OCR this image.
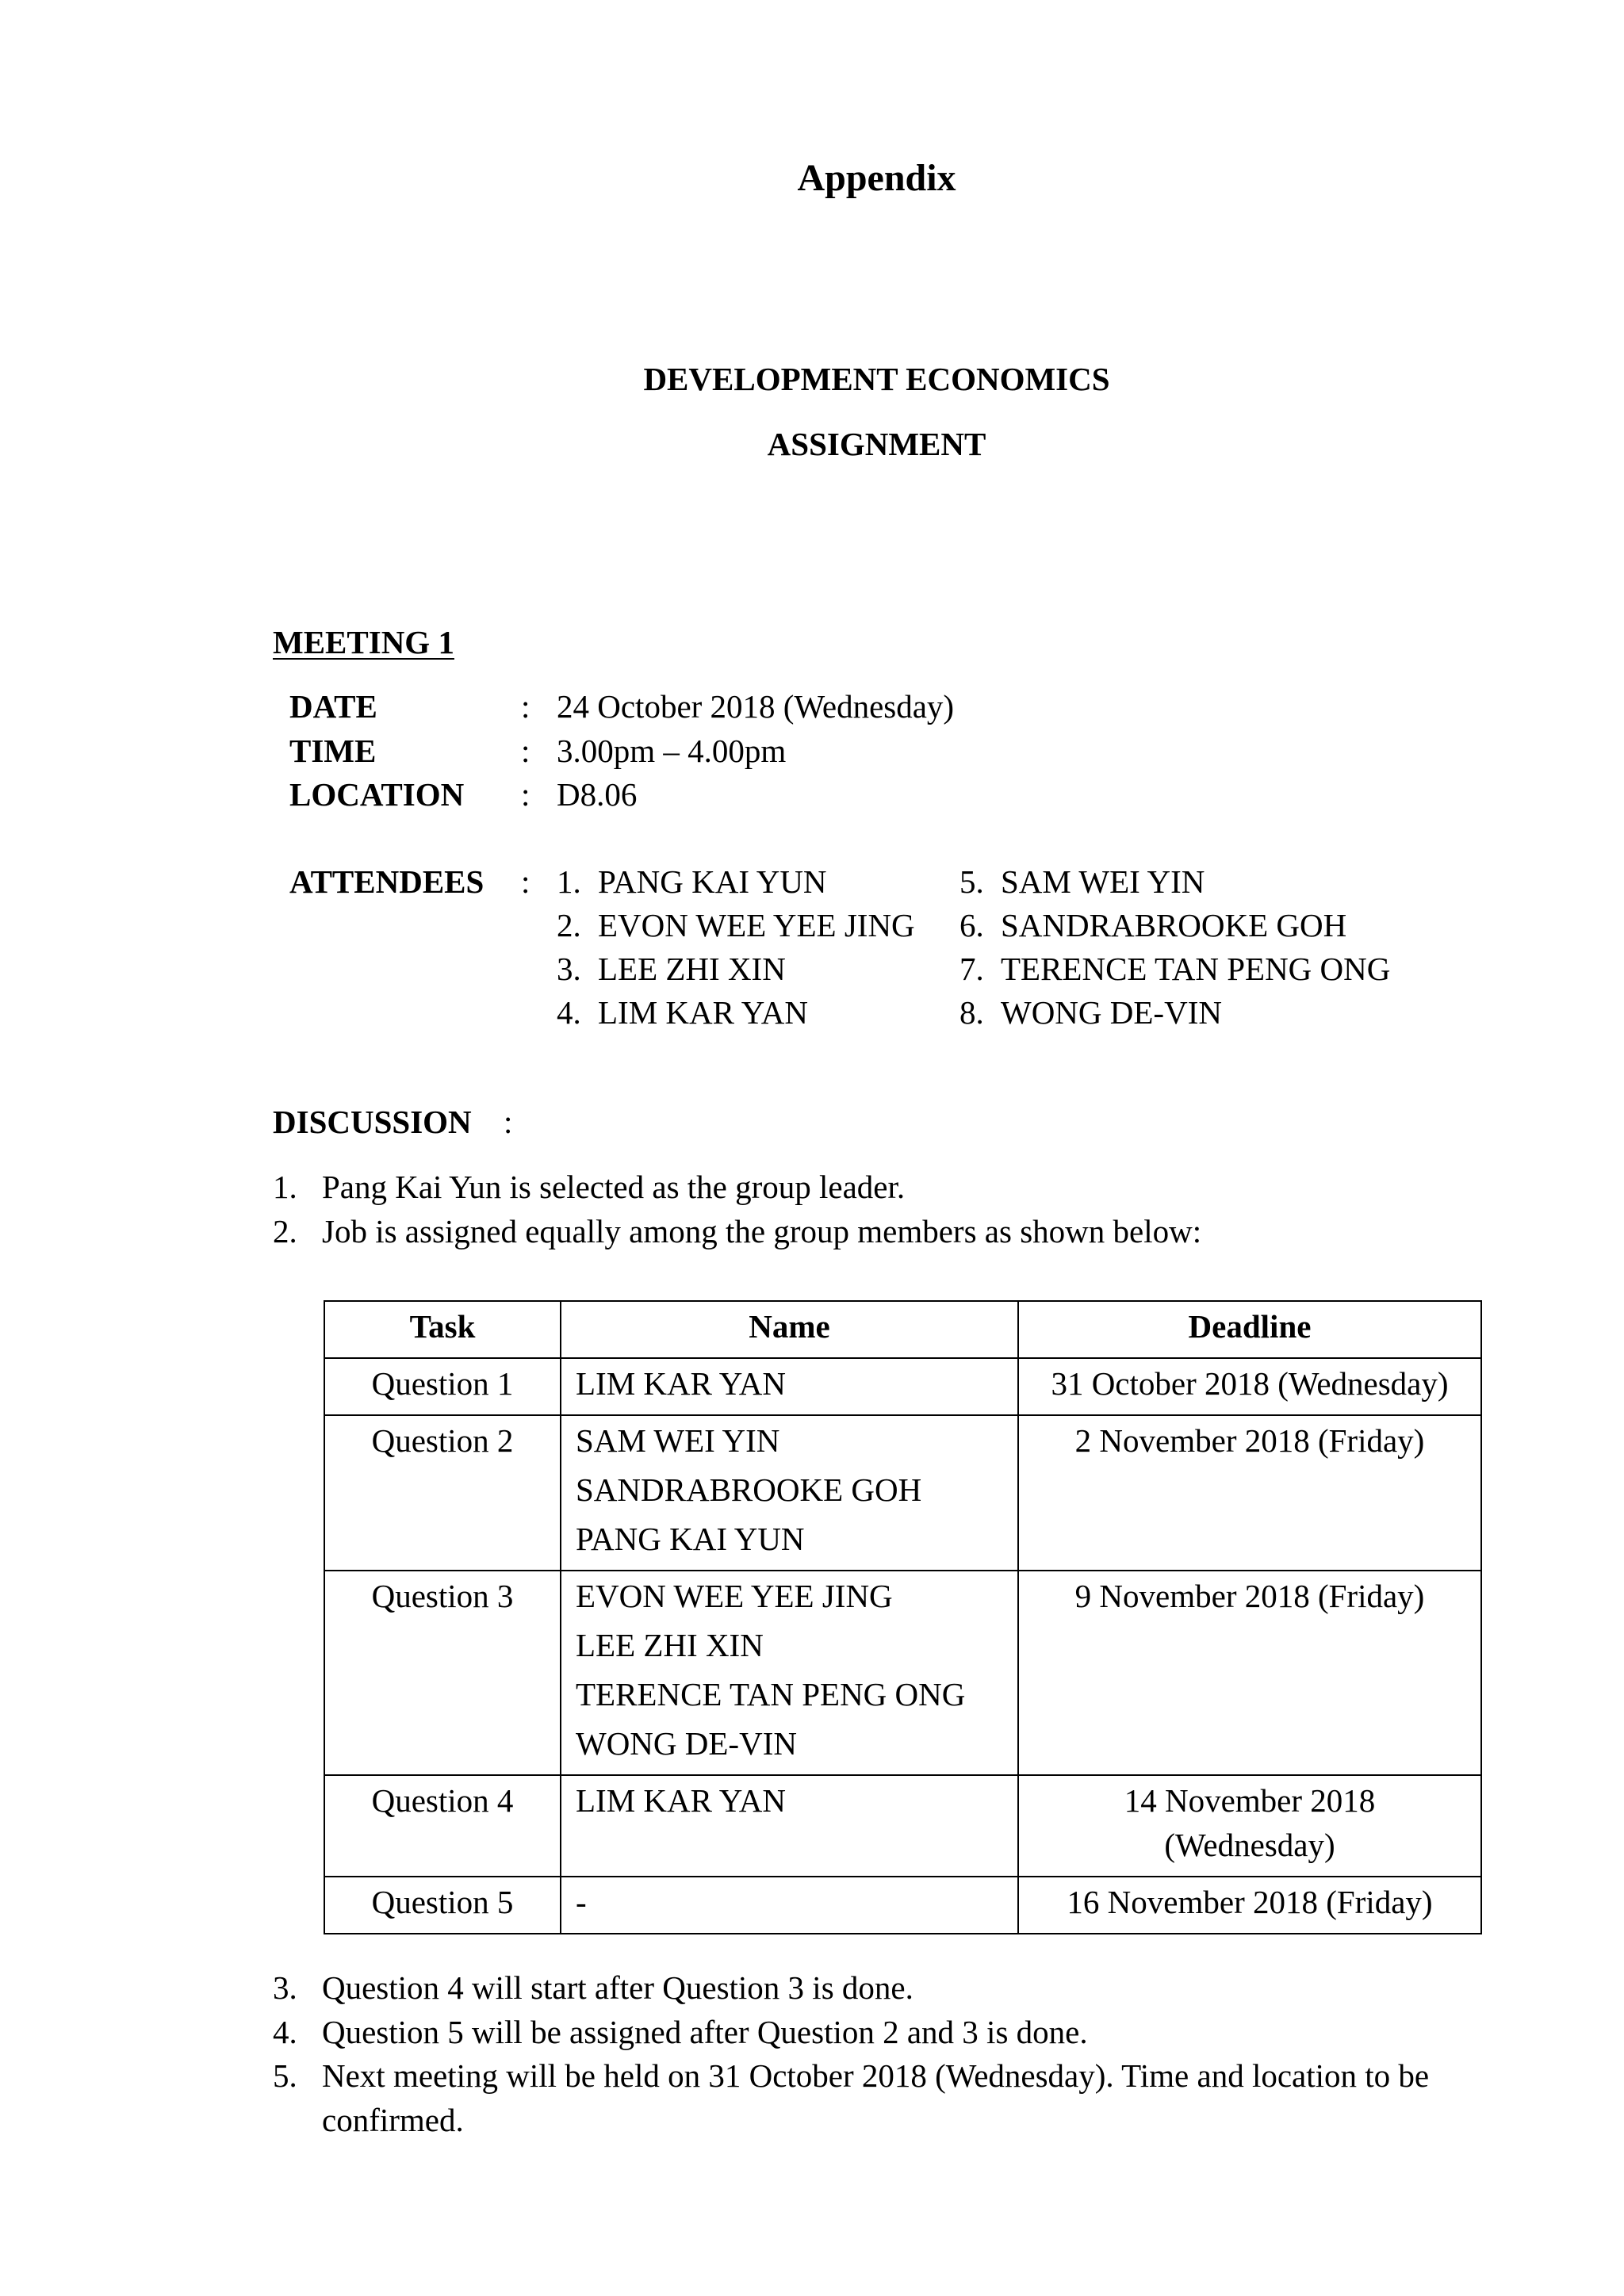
Appendix
DEVELOPMENT ECONOMICS
ASSIGNMENT
MEETING 1
DATE	: 24 October 2018 (Wednesday)
TIME	: 3.00pm – 4.00pm
LOCATION	: D8.06
ATTENDEES	: 1. PANG KAI YUN	5. SAM WEI YIN
2. EVON WEE YEE JING	6. SANDRABROOKE GOH
3. LEE ZHI XIN	7. TERENCE TAN PENG ONG
4. LIM KAR YAN	8. WONG DE-VIN
DISCUSSION :
1. Pang Kai Yun is selected as the group leader.
2. Job is assigned equally among the group members as shown below:
Task	Name	Deadline

Question 1	LIM KAR YAN	31 October 2018 (Wednesday)

Question 2	SAM WEI YIN
SANDRABROOKE GOH
PANG KAI YUN	2 November 2018 (Friday)

Question 3	EVON WEE YEE JING
LEE ZHI XIN
TERENCE TAN PENG ONG
WONG DE-VIN	9 November 2018 (Friday)

Question 4	LIM KAR YAN	14 November 2018 (Wednesday)

Question 5	-	16 November 2018 (Friday)
3. Question 4 will start after Question 3 is done.
4. Question 5 will be assigned after Question 2 and 3 is done.
5. Next meeting will be held on 31 October 2018 (Wednesday). Time and location to be confirmed.
